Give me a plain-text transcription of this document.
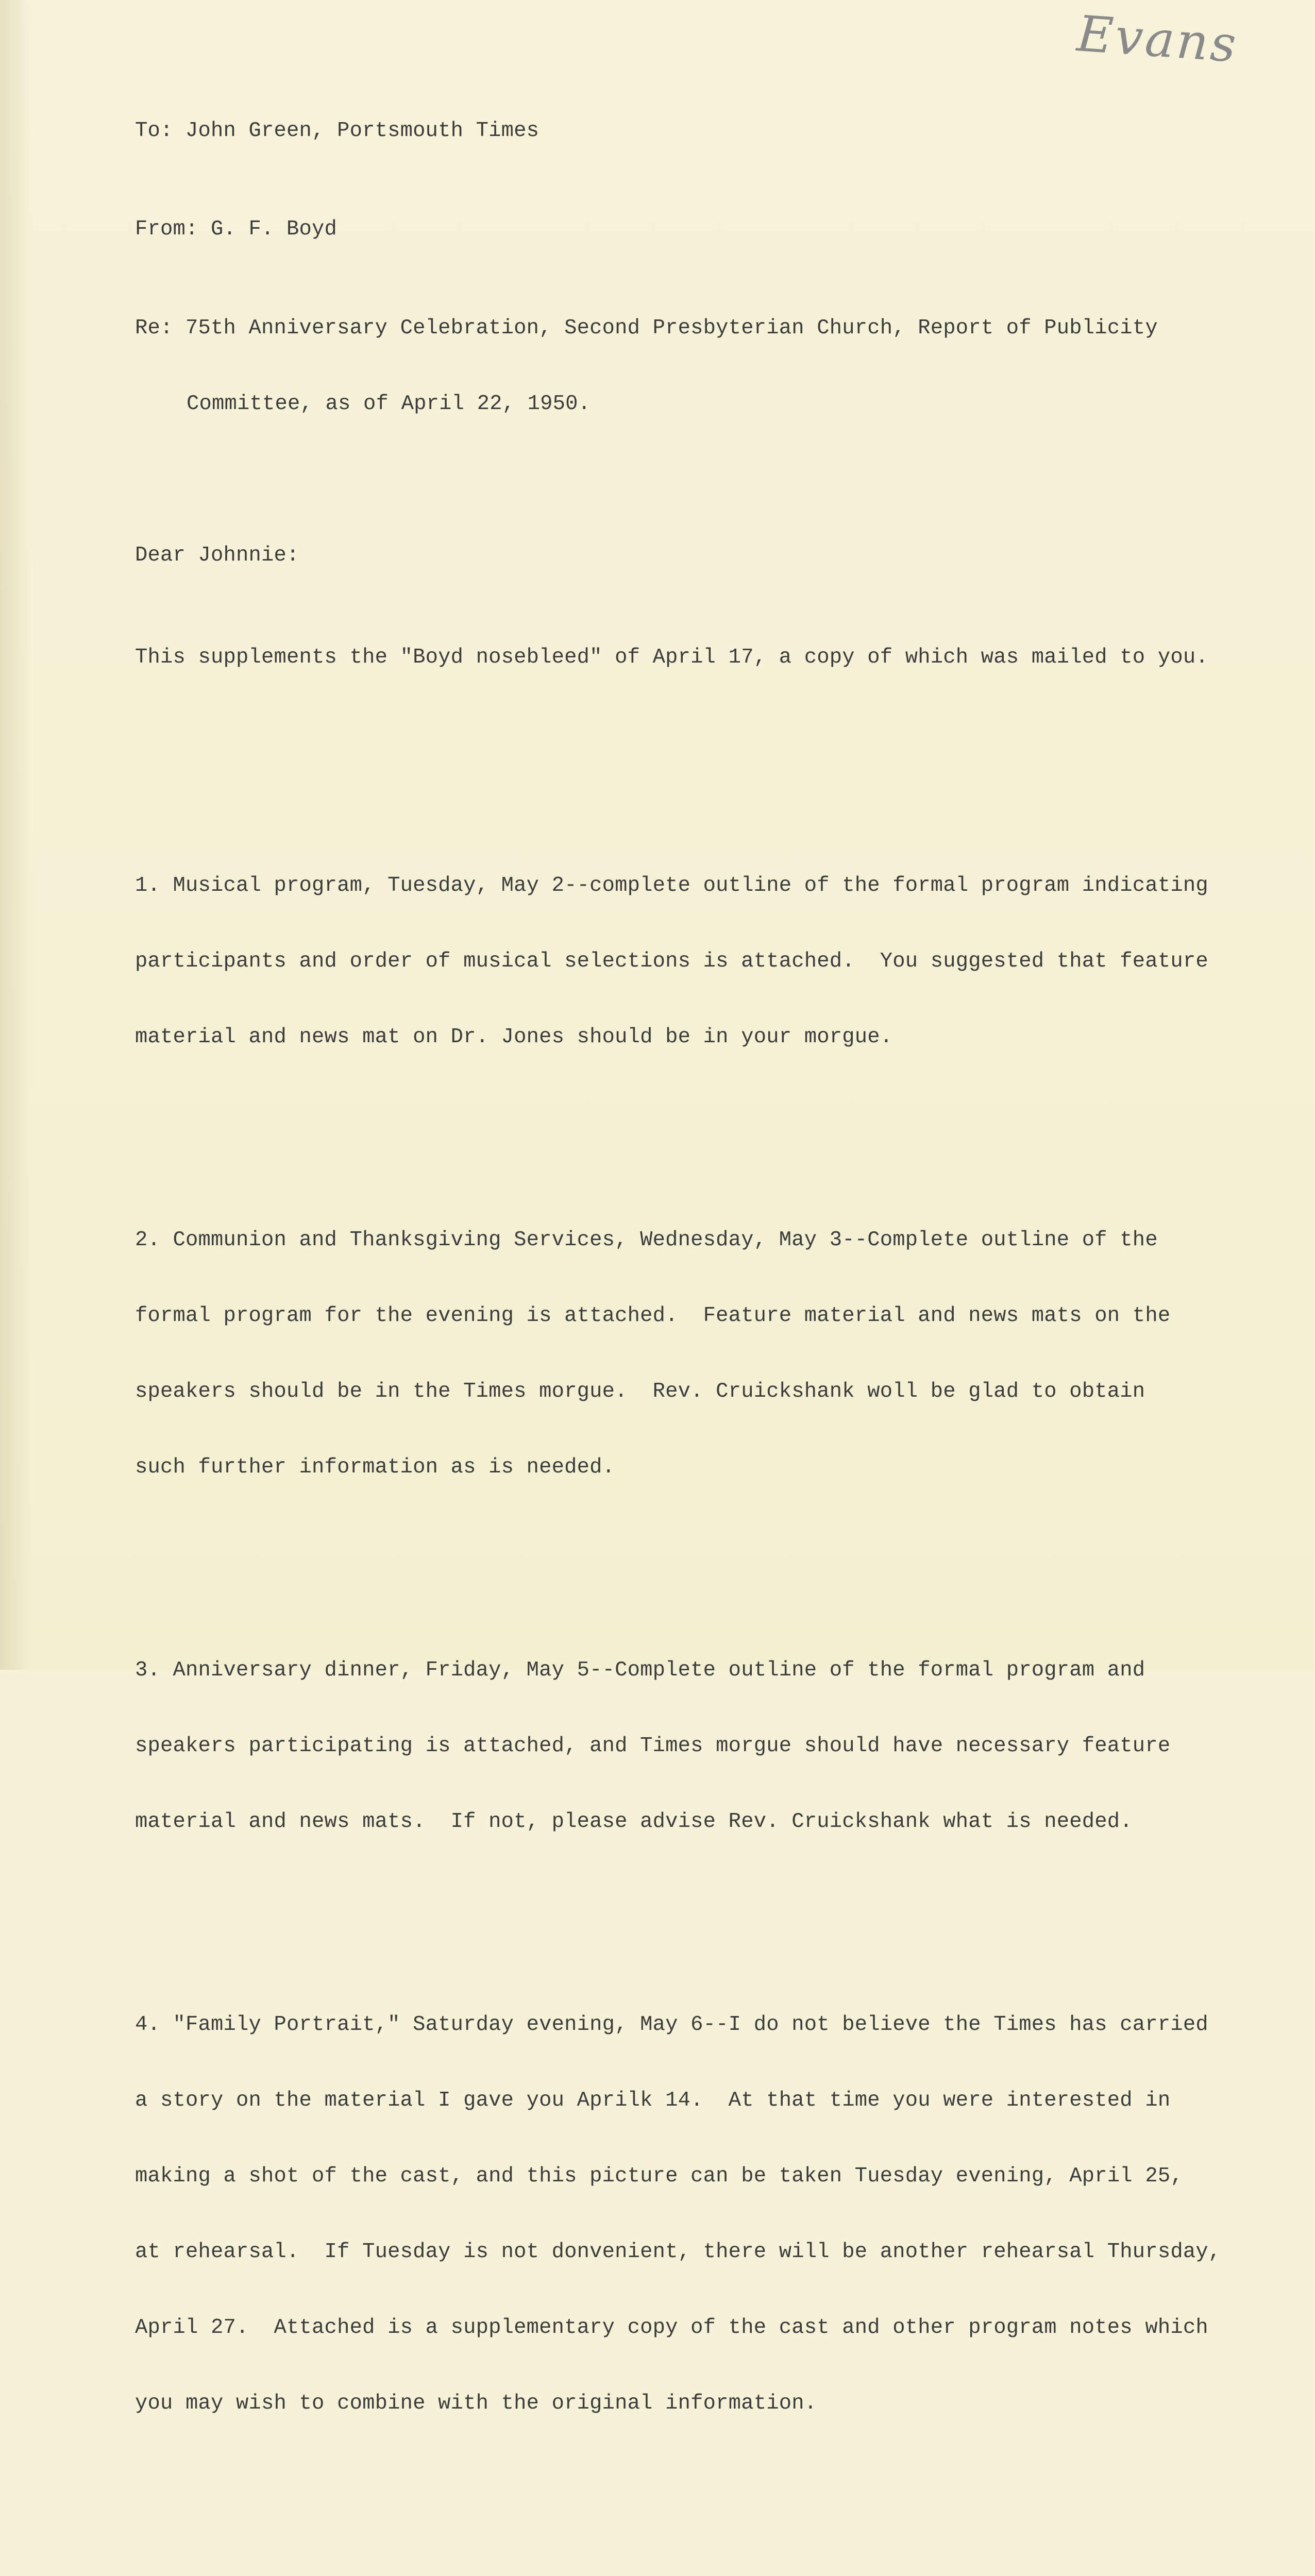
Evans

To: John Green, Portsmouth Times

From: G. F. Boyd

Re: 75th Anniversary Celebration, Second Presbyterian Church, Report of Publicity

Committee, as of April 22, 1950.

Dear Johnnie:

This supplements the "Boyd nosebleed" of April 17, a copy of which was mailed to you.

1. Musical program, Tuesday, May 2--complete outline of the formal program indicating

participants and order of musical selections is attached.  You suggested that feature

material and news mat on Dr. Jones should be in your morgue.

2. Communion and Thanksgiving Services, Wednesday, May 3--Complete outline of the

formal program for the evening is attached.  Feature material and news mats on the

speakers should be in the Times morgue.  Rev. Cruickshank woll be glad to obtain

such further information as is needed.

3. Anniversary dinner, Friday, May 5--Complete outline of the formal program and

speakers participating is attached, and Times morgue should have necessary feature

material and news mats.  If not, please advise Rev. Cruickshank what is needed.

4. "Family Portrait," Saturday evening, May 6--I do not believe the Times has carried

a story on the material I gave you Aprilk 14.  At that time you were interested in

making a shot of the cast, and this picture can be taken Tuesday evening, April 25,

at rehearsal.  If Tuesday is not donvenient, there will be another rehearsal Thursday,

April 27.  Attached is a supplementary copy of the cast and other program notes which

you may wish to combine with the original information.
